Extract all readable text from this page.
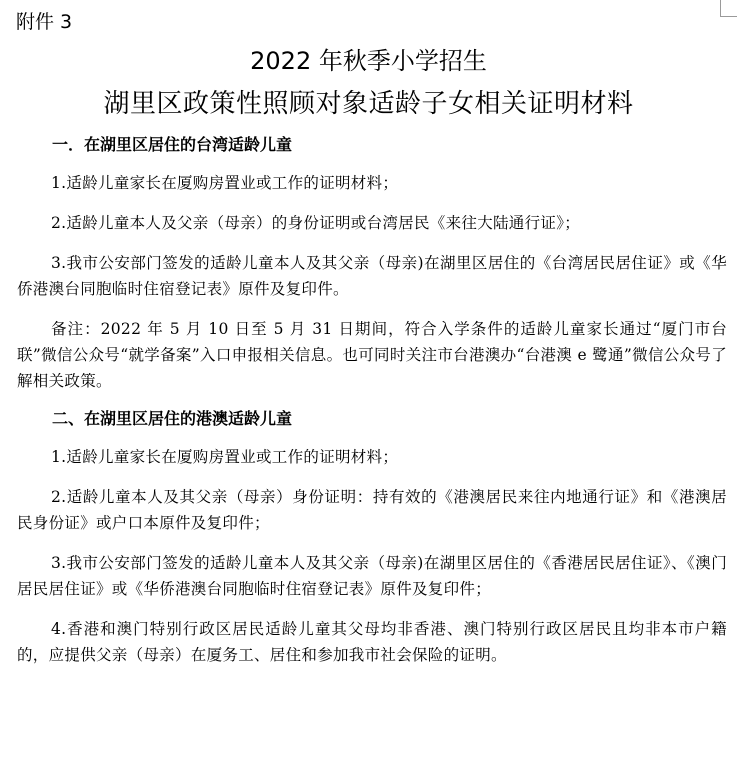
附件 3
2022 年秋季小学招生
湖里区政策性照顾对象适龄子女相关证明材料

一．在湖里区居住的台湾适龄儿童

1.适龄儿童家长在厦购房置业或工作的证明材料；

2.适龄儿童本人及父亲（母亲）的身份证明或台湾居民《来往大陆通行证》；

3.我市公安部门签发的适龄儿童本人及其父亲（母亲)在湖里区居住的《台湾居民居住证》或《华侨港澳台同胞临时住宿登记表》原件及复印件。

备注：2022 年 5 月 10 日至 5 月 31 日期间，符合入学条件的适龄儿童家长通过“厦门市台联”微信公众号“就学备案”入口申报相关信息。也可同时关注市台港澳办“台港澳 e 鹭通”微信公众号了解相关政策。

二、在湖里区居住的港澳适龄儿童

1.适龄儿童家长在厦购房置业或工作的证明材料；

2.适龄儿童本人及其父亲（母亲）身份证明：持有效的《港澳居民来往内地通行证》和《港澳居民身份证》或户口本原件及复印件；

3.我市公安部门签发的适龄儿童本人及其父亲（母亲)在湖里区居住的《香港居民居住证》、《澳门居民居住证》或《华侨港澳台同胞临时住宿登记表》原件及复印件；

4.香港和澳门特别行政区居民适龄儿童其父母均非香港、澳门特别行政区居民且均非本市户籍的，应提供父亲（母亲）在厦务工、居住和参加我市社会保险的证明。
